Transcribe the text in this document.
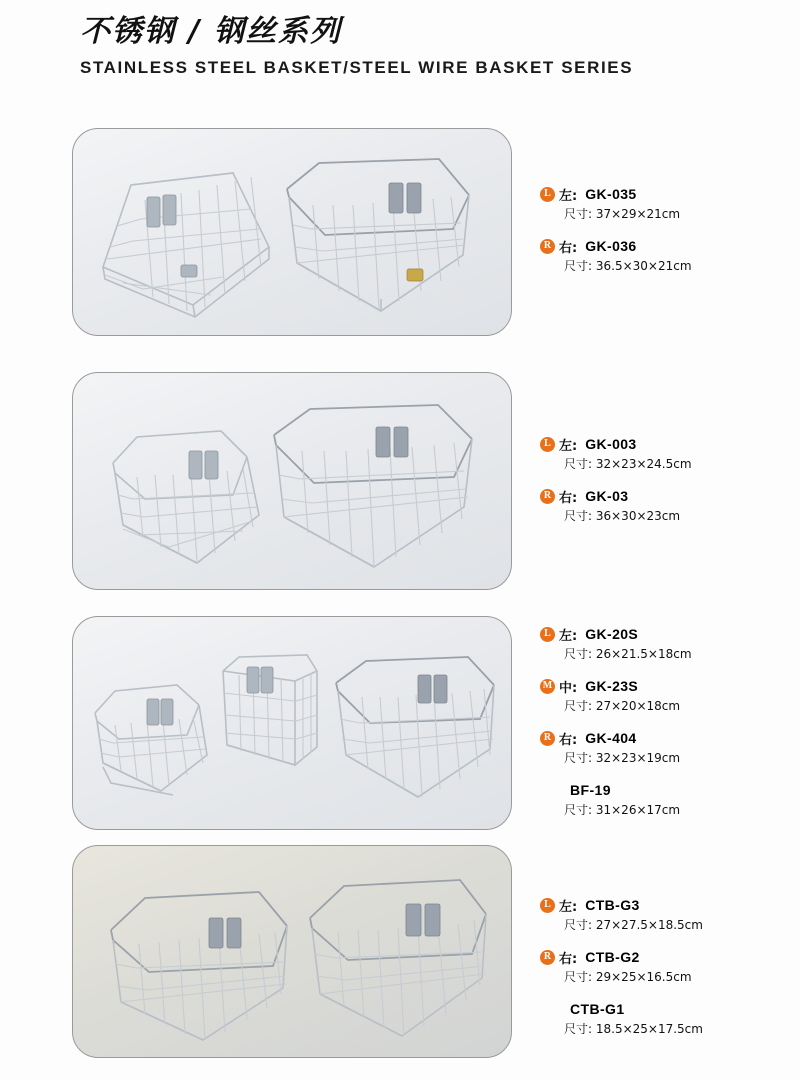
不锈钢 / 钢丝系列
STAINLESS STEEL BASKET/STEEL WIRE BASKET SERIES
L 左: GK-035
尺寸: 37×29×21cm
R 右: GK-036
尺寸: 36.5×30×21cm
L 左: GK-003
尺寸: 32×23×24.5cm
R 右: GK-03
尺寸: 36×30×23cm
L 左: GK-20S
尺寸: 26×21.5×18cm
M 中: GK-23S
尺寸: 27×20×18cm
R 右: GK-404
尺寸: 32×23×19cm
BF-19
尺寸: 31×26×17cm
L 左: CTB-G3
尺寸: 27×27.5×18.5cm
R 右: CTB-G2
尺寸: 29×25×16.5cm
CTB-G1
尺寸: 18.5×25×17.5cm
